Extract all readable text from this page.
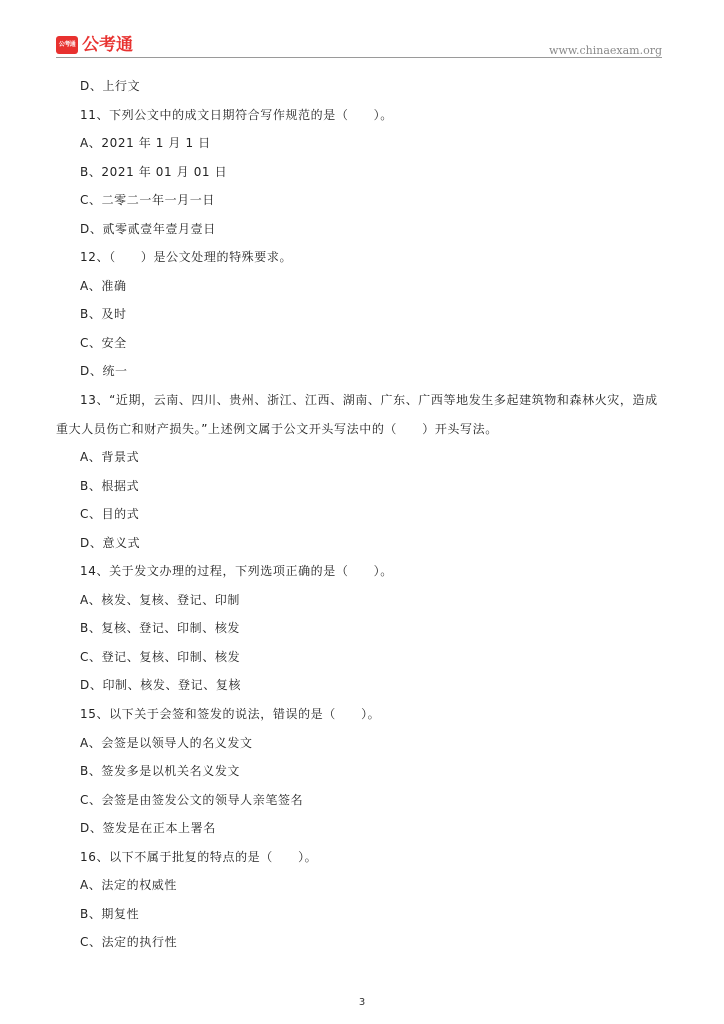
公考通 公考通	www.chinaexam.org
D、上行文
11、下列公文中的成文日期符合写作规范的是（　　）。
A、2021 年 1 月 1 日
B、2021 年 01 月 01 日
C、二零二一年一月一日
D、贰零贰壹年壹月壹日
12、（　　）是公文处理的特殊要求。
A、准确
B、及时
C、安全
D、统一
13、“近期，云南、四川、贵州、浙江、江西、湖南、广东、广西等地发生多起建筑物和森林火灾，造成
重大人员伤亡和财产损失。”上述例文属于公文开头写法中的（　　）开头写法。
A、背景式
B、根据式
C、目的式
D、意义式
14、关于发文办理的过程，下列选项正确的是（　　）。
A、核发、复核、登记、印制
B、复核、登记、印制、核发
C、登记、复核、印制、核发
D、印制、核发、登记、复核
15、以下关于会签和签发的说法，错误的是（　　）。
A、会签是以领导人的名义发文
B、签发多是以机关名义发文
C、会签是由签发公文的领导人亲笔签名
D、签发是在正本上署名
16、以下不属于批复的特点的是（　　）。
A、法定的权威性
B、期复性
C、法定的执行性
3
